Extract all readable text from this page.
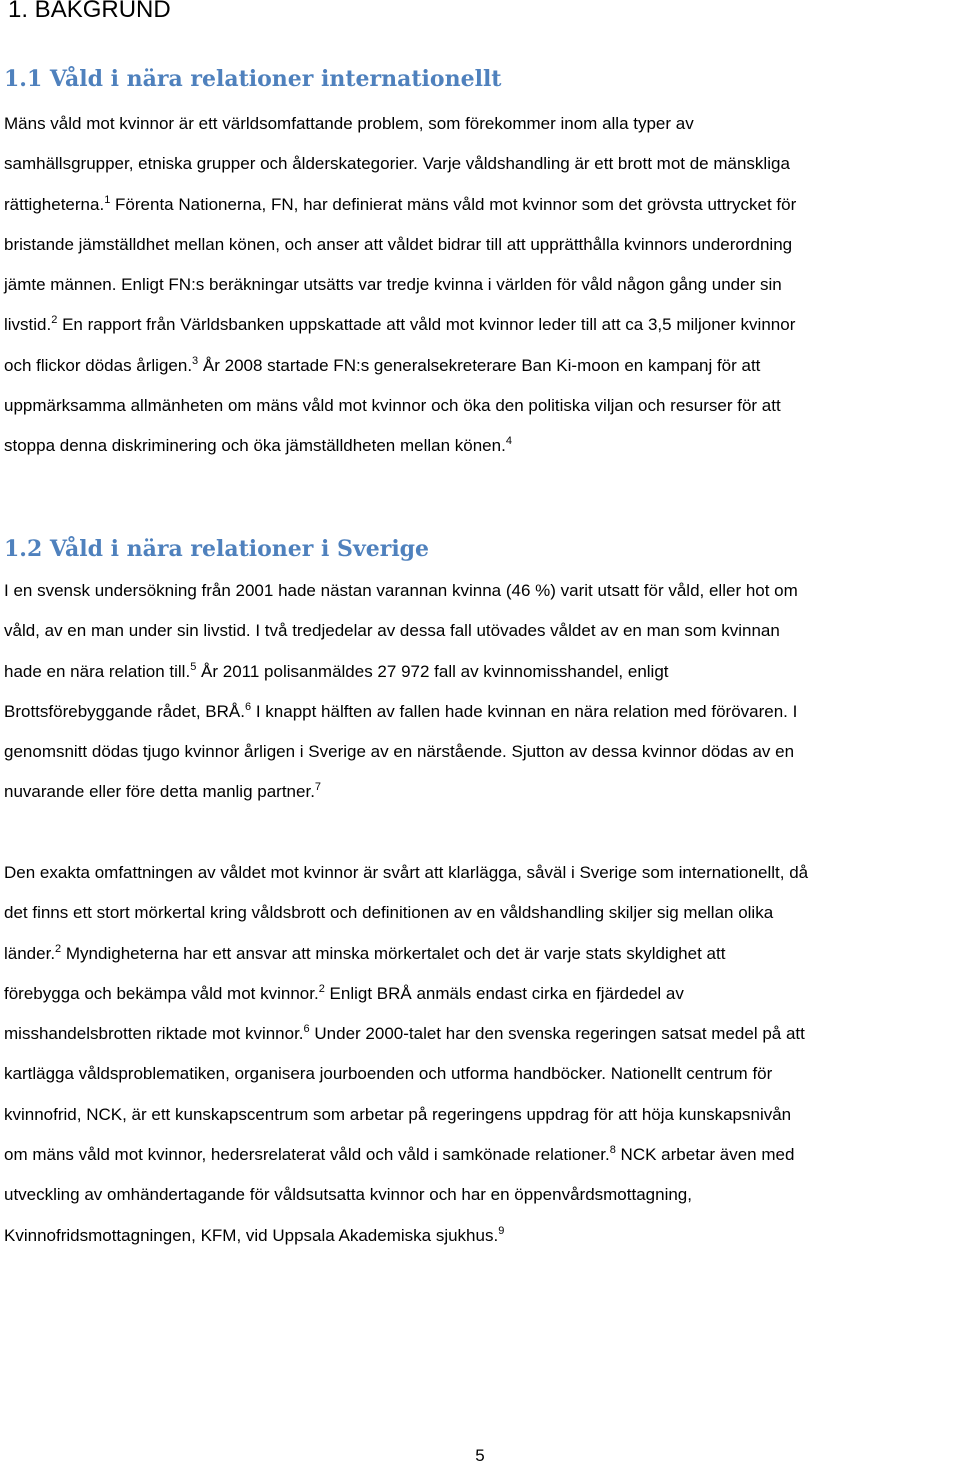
1. BAKGRUND
1.1 Våld i nära relationer internationellt
Mäns våld mot kvinnor är ett världsomfattande problem, som förekommer inom alla typer av
samhällsgrupper, etniska grupper och ålderskategorier. Varje våldshandling är ett brott mot de mänskliga
rättigheterna.$^1$ Förenta Nationerna, FN, har definierat mäns våld mot kvinnor som det grövsta uttrycket för
bristande jämställdhet mellan könen, och anser att våldet bidrar till att upprätthålla kvinnors underordning
jämte männen. Enligt FN:s beräkningar utsätts var tredje kvinna i världen för våld någon gång under sin
livstid.$^2$ En rapport från Världsbanken uppskattade att våld mot kvinnor leder till att ca 3,5 miljoner kvinnor
och flickor dödas årligen.$^3$ År 2008 startade FN:s generalsekreterare Ban Ki-moon en kampanj för att
uppmärksamma allmänheten om mäns våld mot kvinnor och öka den politiska viljan och resurser för att
stoppa denna diskriminering och öka jämställdheten mellan könen.$^4$
1.2 Våld i nära relationer i Sverige
I en svensk undersökning från 2001 hade nästan varannan kvinna (46 %) varit utsatt för våld, eller hot om
våld, av en man under sin livstid. I två tredjedelar av dessa fall utövades våldet av en man som kvinnan
hade en nära relation till.$^5$ År 2011 polisanmäldes 27 972 fall av kvinnomisshandel, enligt
Brottsförebyggande rådet, BRÅ.$^6$ I knappt hälften av fallen hade kvinnan en nära relation med förövaren. I
genomsnitt dödas tjugo kvinnor årligen i Sverige av en närstående. Sjutton av dessa kvinnor dödas av en
nuvarande eller före detta manlig partner.$^7$
Den exakta omfattningen av våldet mot kvinnor är svårt att klarlägga, såväl i Sverige som internationellt, då
det finns ett stort mörkertal kring våldsbrott och definitionen av en våldshandling skiljer sig mellan olika
länder.$^2$ Myndigheterna har ett ansvar att minska mörkertalet och det är varje stats skyldighet att
förebygga och bekämpa våld mot kvinnor.$^2$ Enligt BRÅ anmäls endast cirka en fjärdedel av
misshandelsbrotten riktade mot kvinnor.$^6$ Under 2000-talet har den svenska regeringen satsat medel på att
kartlägga våldsproblematiken, organisera jourboenden och utforma handböcker. Nationellt centrum för
kvinnofrid, NCK, är ett kunskapscentrum som arbetar på regeringens uppdrag för att höja kunskapsnivån
om mäns våld mot kvinnor, hedersrelaterat våld och våld i samkönade relationer.$^8$ NCK arbetar även med
utveckling av omhändertagande för våldsutsatta kvinnor och har en öppenvårdsmottagning,
Kvinnofridsmottagningen, KFM, vid Uppsala Akademiska sjukhus.$^9$
5
